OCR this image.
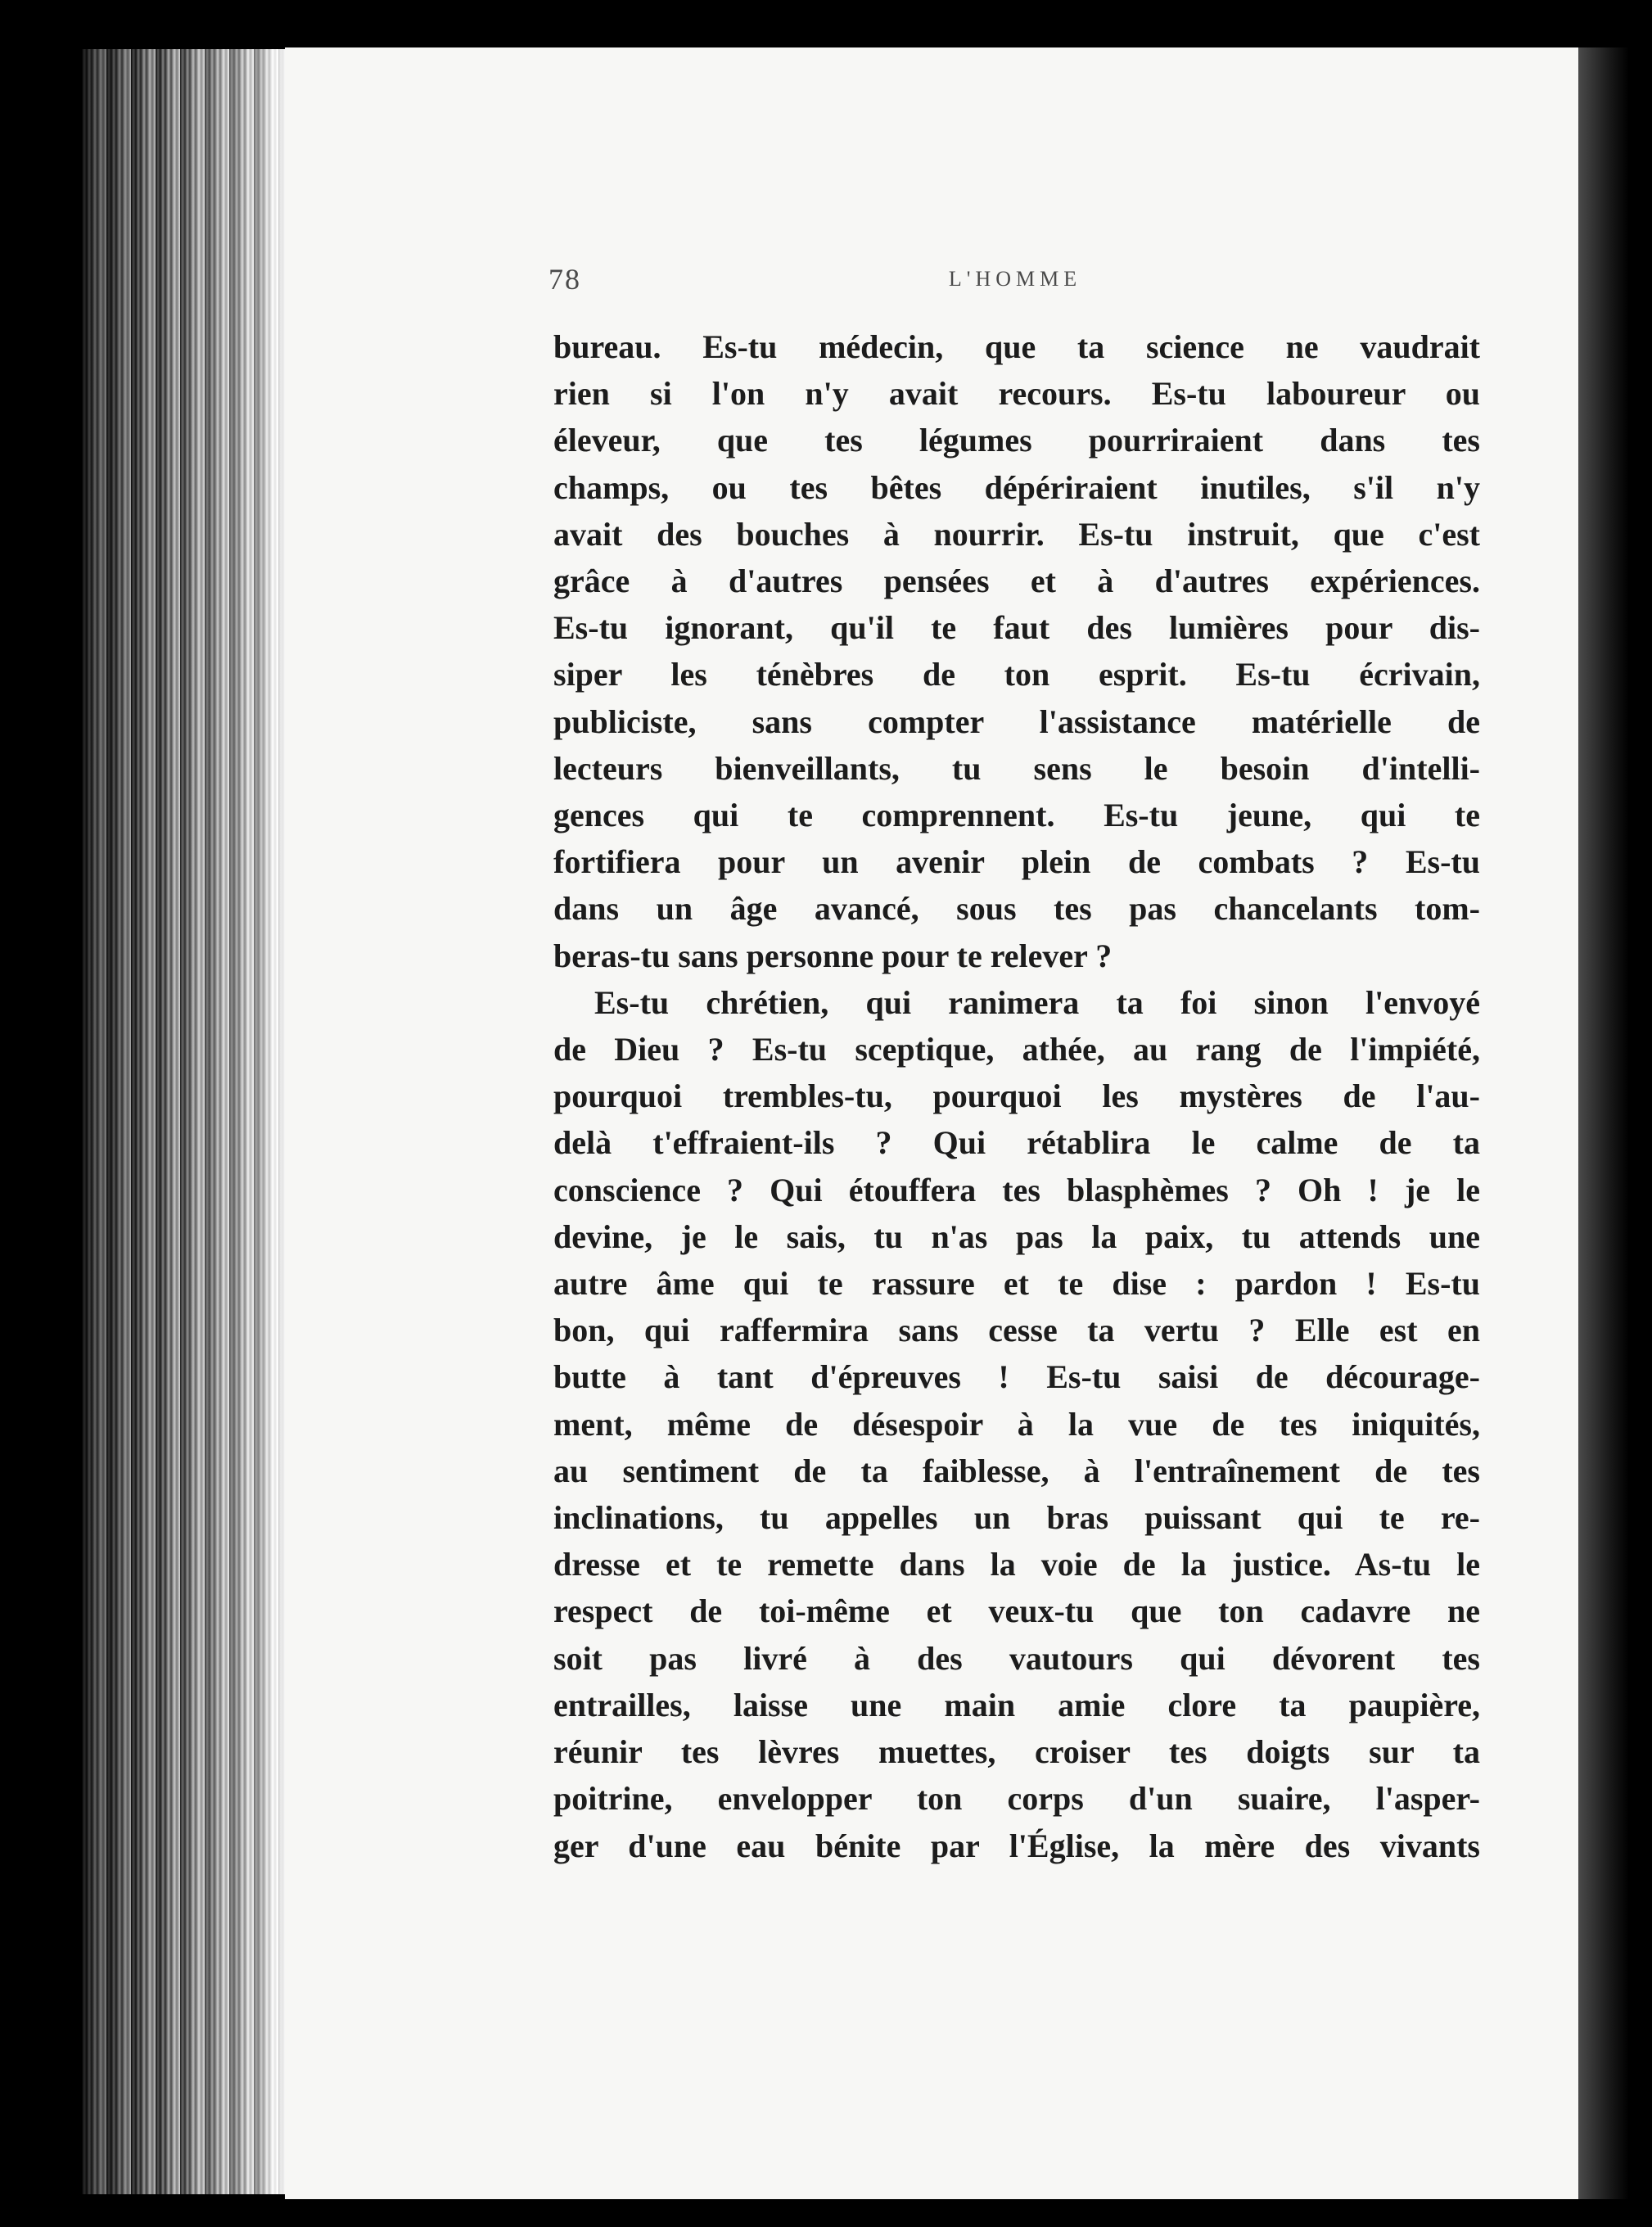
78	L'HOMME

bureau. Es-tu médecin, que ta science ne vaudrait

rien si l'on n'y avait recours. Es-tu laboureur ou

éleveur, que tes légumes pourriraient dans tes

champs, ou tes bêtes dépériraient inutiles, s'il n'y

avait des bouches à nourrir. Es-tu instruit, que c'est

grâce à d'autres pensées et à d'autres expériences.

Es-tu ignorant, qu'il te faut des lumières pour dis-

siper les ténèbres de ton esprit. Es-tu écrivain,

publiciste, sans compter l'assistance matérielle de

lecteurs bienveillants, tu sens le besoin d'intelli-

gences qui te comprennent. Es-tu jeune, qui te

fortifiera pour un avenir plein de combats ? Es-tu

dans un âge avancé, sous tes pas chancelants tom-

beras-tu sans personne pour te relever ?

Es-tu chrétien, qui ranimera ta foi sinon l'envoyé

de Dieu ? Es-tu sceptique, athée, au rang de l'impiété,

pourquoi trembles-tu, pourquoi les mystères de l'au-

delà t'effraient-ils ? Qui rétablira le calme de ta

conscience ? Qui étouffera tes blasphèmes ? Oh ! je le

devine, je le sais, tu n'as pas la paix, tu attends une

autre âme qui te rassure et te dise : pardon ! Es-tu

bon, qui raffermira sans cesse ta vertu ? Elle est en

butte à tant d'épreuves ! Es-tu saisi de décourage-

ment, même de désespoir à la vue de tes iniquités,

au sentiment de ta faiblesse, à l'entraînement de tes

inclinations, tu appelles un bras puissant qui te re-

dresse et te remette dans la voie de la justice. As-tu le

respect de toi-même et veux-tu que ton cadavre ne

soit pas livré à des vautours qui dévorent tes

entrailles, laisse une main amie clore ta paupière,

réunir tes lèvres muettes, croiser tes doigts sur ta

poitrine, envelopper ton corps d'un suaire, l'asper-

ger d'une eau bénite par l'Église, la mère des vivants
